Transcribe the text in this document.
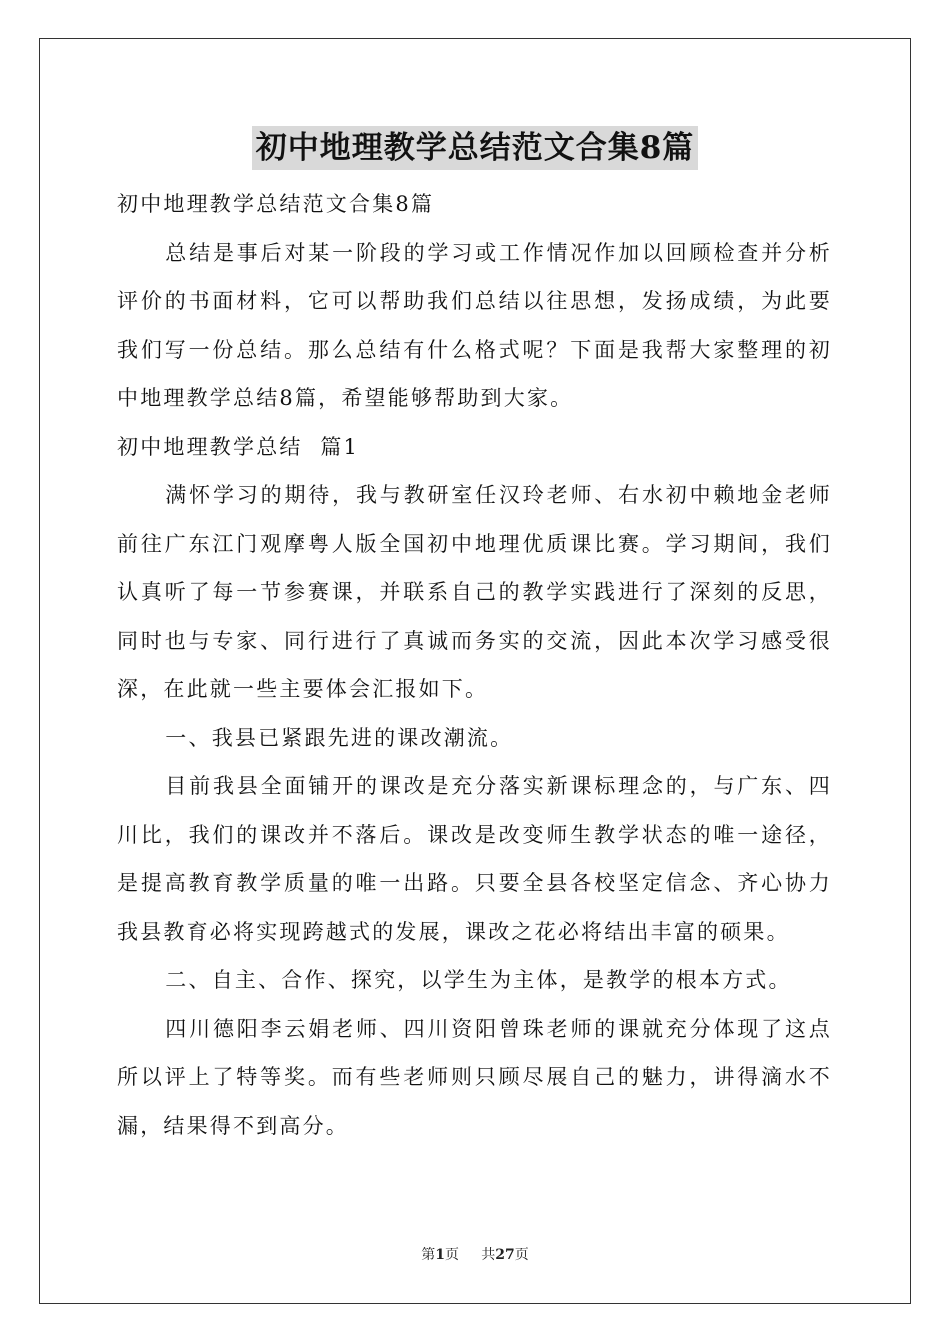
初中地理教学总结范文合集8篇

初中地理教学总结范文合集8篇

总结是事后对某一阶段的学习或工作情况作加以回顾检查并分析评价的书面材料，它可以帮助我们总结以往思想，发扬成绩，为此要我们写一份总结。那么总结有什么格式呢？下面是我帮大家整理的初中地理教学总结8篇，希望能够帮助到大家。

初中地理教学总结  篇1

满怀学习的期待，我与教研室任汉玲老师、右水初中赖地金老师前往广东江门观摩粤人版全国初中地理优质课比赛。学习期间，我们认真听了每一节参赛课，并联系自己的教学实践进行了深刻的反思，同时也与专家、同行进行了真诚而务实的交流，因此本次学习感受很深，在此就一些主要体会汇报如下。

一、我县已紧跟先进的课改潮流。

目前我县全面铺开的课改是充分落实新课标理念的，与广东、四川比，我们的课改并不落后。课改是改变师生教学状态的唯一途径，是提高教育教学质量的唯一出路。只要全县各校坚定信念、齐心协力我县教育必将实现跨越式的发展，课改之花必将结出丰富的硕果。

二、自主、合作、探究，以学生为主体，是教学的根本方式。

四川德阳李云娟老师、四川资阳曾珠老师的课就充分体现了这点所以评上了特等奖。而有些老师则只顾尽展自己的魅力，讲得滴水不漏，结果得不到高分。

第1页 共27页
